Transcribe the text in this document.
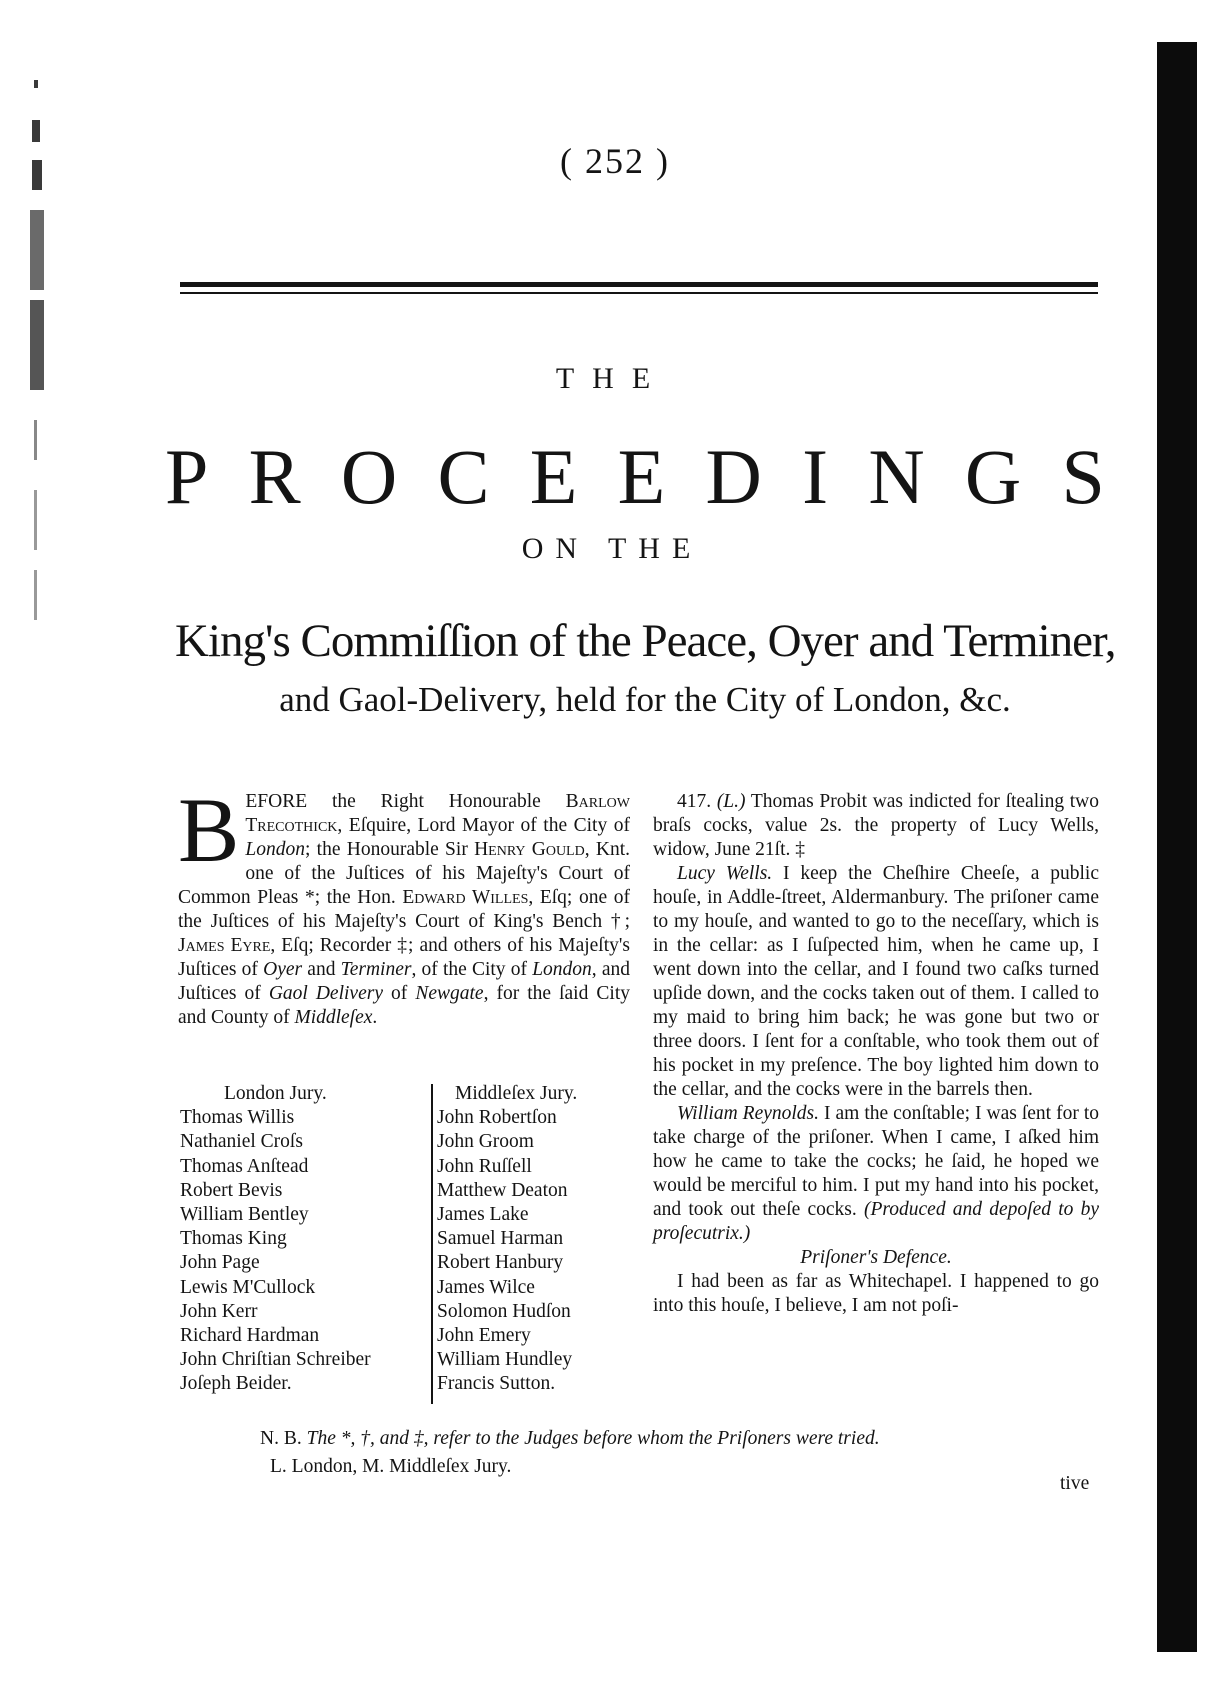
( 252 )
THE
P R O C E E D I N G S
ON THE
King's Commiſſion of the Peace, Oyer and Terminer,
and Gaol-Delivery, held for the City of London, &c.
BEFORE the Right Honourable Barlow Trecothick, Eſquire, Lord Mayor of the City of London; the Honourable Sir Henry Gould, Knt. one of the Juſtices of his Majeſty's Court of Common Pleas *; the Hon. Edward Willes, Eſq; one of the Juſtices of his Majeſty's Court of King's Bench †; James Eyre, Eſq; Recorder ‡; and others of his Majeſty's Juſtices of Oyer and Terminer, of the City of London, and Juſtices of Gaol Delivery of Newgate, for the ſaid City and County of Middleſex.
London Jury.
Thomas Willis
Nathaniel Croſs
Thomas Anſtead
Robert Bevis
William Bentley
Thomas King
John Page
Lewis M'Cullock
John Kerr
Richard Hardman
John Chriſtian Schreiber
Joſeph Beider.
Middleſex Jury.
John Robertſon
John Groom
John Ruſſell
Matthew Deaton
James Lake
Samuel Harman
Robert Hanbury
James Wilce
Solomon Hudſon
John Emery
William Hundley
Francis Sutton.

417. (L.) Thomas Probit was indicted for ſtealing two braſs cocks, value 2s. the property of Lucy Wells, widow, June 21ſt. ‡

Lucy Wells. I keep the Cheſhire Cheeſe, a public houſe, in Addle-ſtreet, Aldermanbury. The priſoner came to my houſe, and wanted to go to the neceſſary, which is in the cellar: as I ſuſpected him, when he came up, I went down into the cellar, and I found two caſks turned upſide down, and the cocks taken out of them. I called to my maid to bring him back; he was gone but two or three doors. I ſent for a conſtable, who took them out of his pocket in my preſence. The boy lighted him down to the cellar, and the cocks were in the barrels then.

William Reynolds. I am the conſtable; I was ſent for to take charge of the priſoner. When I came, I aſked him how he came to take the cocks; he ſaid, he hoped we would be merciful to him. I put my hand into his pocket, and took out theſe cocks. (Produced and depoſed to by proſecutrix.)

Priſoner's Defence.

I had been as far as Whitechapel. I happened to go into this houſe, I believe, I am not poſi-

N. B. The *, †, and ‡, refer to the Judges before whom the Priſoners were tried.
L. London, M. Middleſex Jury.
tive
